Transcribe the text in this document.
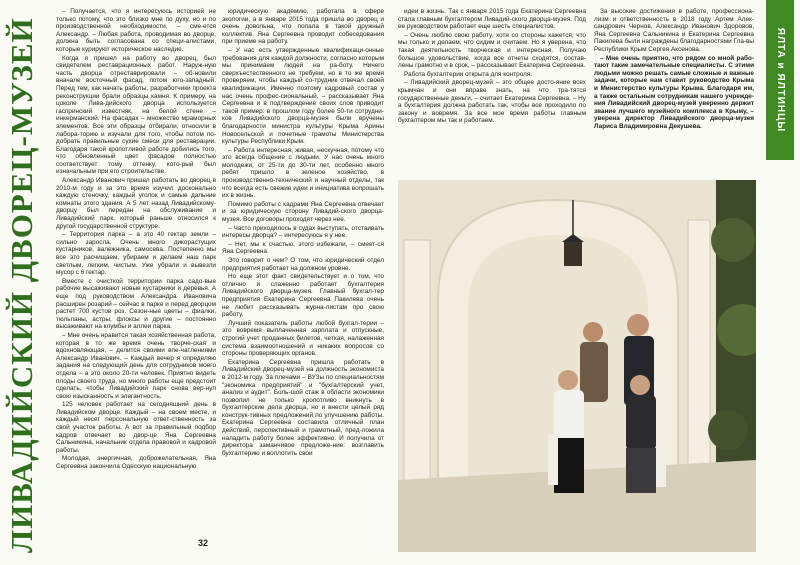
ЛИВАДИЙСКИЙ ДВОРЕЦ-МУЗЕЙ

– Получается, что я интересуюсь историей не только потому, что это близко мне по духу, но и по производственной необходимости, – сме-ется Александр. – Любая работа, проводимая во дворце, должна быть согласована со специ-алистами, которые курируют историческое наследие.

Когда я пришел на работу во дворец, был свидетелем реставрационных работ. Наруж-ную часть дворца отреставрировали – об-новили вначале восточный фасад, потом юго-западный. Перед тем, как начать работы, разработчики проекта реконструкции брали образцы камня. К примеру, на цоколе Лива-дийского дворца используется гаспринский известняк, на белой стене – инкерманский. На фасадах – множество мраморных элементов. Все эти образцы отбирали, относили в лабора-торию и изучали для того, чтобы потом по-добрать правильные сухие смеси для реставрации. Благодаря такой кропотливой работе добились того, что обновленный цвет фасадов полностью соответствует тому оттенку, кото-рый был изначальным при его строительстве.

Александр Иванович пришел работать во дворец в 2010-м году и за это время изучил досконально каждую стеночку, каждый уголок и самые дальние комнаты этого здания. А 5 лет назад Ливадийскому-дворцу был передан на обслуживание и Ливадийский парк, который раньше относился к другой государственной структуре.

– Территория парка – а это 40 гектар земли – сильно заросла. Очень много дикорастущих кустарников, валежника, самосева. Постепенно мы все это расчищаем, убираем и делаем наш парк светлым, легким, чистым. Уже убрали и вывезли мусор с 6 гектар.

Вместе с очисткой территории парка садо-вые рабочие высаживают новые кустарники и деревья. А еще под руководством Александра Ивановича расширен розарий – сейчас в парке и перед дворцом растет 700 кустов роз. Сезон-ные цветы – фиалки, тюльпаны, астры, флоксы и другие – постоянно высаживают на клумбы и аллеи парка.

– Мне очень нравится такая хозяйственная работа, которая в то же время очень творче-ская и вдохновляющая, – делится своими впе-чатлениями Александр Иванович. – Каждый вечер я определяю задания на следующий день для сотрудников моего отдела – а это около 20-ти человек. Приятно видеть плоды своего труда, но много работы еще предстоит сделать, чтобы Ливадийский парк снова вер-нул свою изысканность и элегантность.

125 человек работает на сегодняшний день в Ливадийском дворце. Каждый – на своем месте, и каждый несет персональную ответ-ственность за свой участок работы. А вот за правильный подбор кадров отвечает во двор-це Яна Сергеевна Сальникина, начальник отдела правовой и кадровой работы.

Молодая, энергичная, доброжелательная, Яна Сергеевна закончила Одесскую национальную

юридическую академию, работала в сфере экологии, а в январе 2015 года пришла во дворец и очень довольна, что попала в такой дружный коллектив. Яна Сергеевна проводит собеседования при приеме на работу.

– У нас есть утвержденные квалификаци-онные требования для каждой должности, согласно которым мы принимаем людей на ра-боту. Ничего сверхъестественного не требуем, но в то же время проверяем, чтобы каждый со-трудник отвечал своей квалификации. Именно поэтому кадровый состав у нас очень профес-сиональный, – рассказывает Яна Сергеевна и в подтверждение своих слов приводит такой пример: в прошлом году более 50-ти сотрудни-ков Ливадийского дворца-музея были вручены благодарности министра культуры Крыма Арины Новосельской и почетные грамоты Министерства культуры Республики Крым.

– Работа интересная, живая, нескучная, потому что это всегда общение с людьми. У нас очень много молодежи, от 25-ти до 30-ти лет, особенно много ребят пришло в зеленое хозяйство, в производственно-технический и научный отделы, так что всегда есть свежие идеи и инициатива вопрошать их в жизнь.

Помимо работы с кадрами Яна Сергеевна отвечает и за юридическую сторону Ливадий-ского дворца-музея. Все договоры проходят через нее.

– Часто приходилось в судах выступать, отстаивать интересы дворца? – интересуюсь я у нее.

– Нет, мы к счастью, этого избежали, – смеет-ся Яна Сергеевна.

Это говорит о чем? О том, что юридический отдел предприятия работает на должном уровне.

Но еще этот факт свидетельствует и о том, что отлично и слаженно работает бухгалтерия Ливадийского дворца-музея. Главный бухгал-тер предприятия Екатерина Сергеевна Пакилева очень не любит рассказывать журна-листам про свою работу.

Лучший показатель работы любой бухгал-терии – это вовремя выплаченная зарплата и отпускные, строгий учет проданных билетов, четкая, налаженная система взаимоотношений и никаких вопросов со стороны проверяющих органов.

Екатерина Сергеевна пришла работать в Ливадийский дворец-музей на должность экономиста в 2012-м году. За плечами – ВУЗы по специальностям "экономика предприятий" и "бухгалтерский учет, анализ и аудит". Боль-шой стаж в области экономики позволил не только кропотливо вникнуть в бухгалтерские дела дворца, но и внести целый ряд конструк-тивных предложений по улучшению работы. Екатерина Сергеевна составила отличный план действий, перспективный и грамотный, пред-ложила наладить работу более эффективно. И получила от директора заманчивое предложе-ние: возглавить бухгалтерию и воплотить свои

32

идеи в жизнь. Так с января 2015 года Екатерина Сергеевна стала главным бухгалтером Ливадий-ского дворца-музея. Под ее руководством работает еще шесть специалистов.

– Очень люблю свою работу, хотя со стороны кажется, что мы только и делаем, что сидим и считаем. Но я уверена, что такая деятельность творческая и интересная. Получаю большое удовольствие, когда все отчеты сходятся, состав-лены грамотно и в срок, – рассказывает Екатерина Сергеевна.

Работа бухгалтерии открыта для контроля.

– Ливадийский дворец-музей – это общее досто-яние всех крымчан и они вправе знать, на что тра-тятся государственные деньги, – считает Екатерина Сергеевна. – Ну а бухгалтерия должна работать так, чтобы все проходило по закону и вовремя. За все мое время работы главным бухгалтером мы так и работаем.

За высокие достижения в работе, профессиона-лизм и ответственность в 2018 году Артем Алек-сандрович Чернов, Александр Иванович Здоровов, Яна Сергеевна Сальникина и Екатерина Сергеевна Пакилева были награждены благодарностями Гла-вы Республики Крым Сергея Аксенова.

– Мне очень приятно, что рядом со мной рабо-тают такие замечательные специалисты. С этими людьми можно решать самые сложные и важные задачи, которые нам ставит руководство Крыма и Министерство культуры Крыма. Благодаря им, а также остальным сотрудникам нашего учрежде-ния Ливадийский дворец-музей уверенно держит звание лучшего музейного комплекса в Крыму, – уверена директор Ливадийского дворца-музея Лариса Владимировна Декушева.	ЯЛТА и ЯЛТИНЦЫ
